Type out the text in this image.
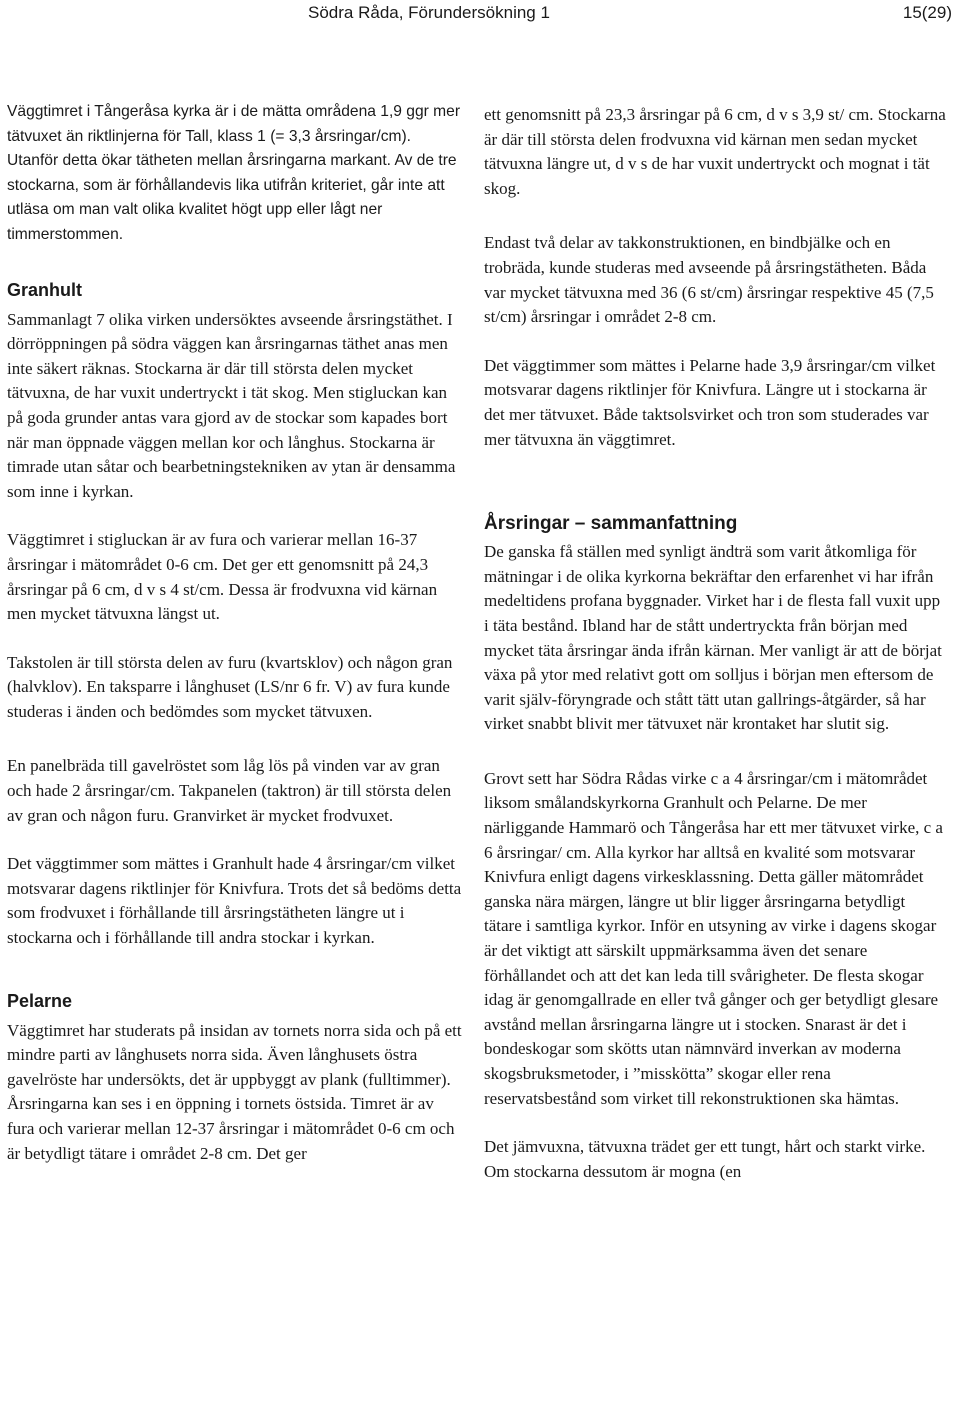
Södra Råda, Förundersökning 1	15(29)

Väggtimret i Tångeråsa kyrka är i de mätta områdena 1,9 ggr mer tätvuxet än riktlinjerna för Tall, klass 1 (= 3,3 årsringar/cm). Utanför detta ökar tätheten mellan årsringarna markant. Av de tre stockarna, som är förhållandevis lika utifrån kriteriet, går inte att utläsa om man valt olika kvalitet högt upp eller lågt ner timmerstommen.

Granhult

Sammanlagt 7 olika virken undersöktes avseende årsringstäthet. I dörröppningen på södra väggen kan årsringarnas täthet anas men inte säkert räknas. Stockarna är där till största delen mycket tätvuxna, de har vuxit undertryckt i tät skog. Men stigluckan kan på goda grunder antas vara gjord av de stockar som kapades bort när man öppnade väggen mellan kor och långhus. Stockarna är timrade utan såtar och bearbetningstekniken av ytan är densamma som inne i kyrkan.

Väggtimret i stigluckan är av fura och varierar mellan 16-37 årsringar i mätområdet 0-6 cm. Det ger ett genomsnitt på 24,3 årsringar på 6 cm, d v s 4 st/cm. Dessa är frodvuxna vid kärnan men mycket tätvuxna längst ut.

Takstolen är till största delen av furu (kvartsklov) och någon gran (halvklov). En taksparre i långhuset (LS/nr 6 fr. V) av fura kunde studeras i änden och bedömdes som mycket tätvuxen.

En panelbräda till gavelröstet som låg lös på vinden var av gran och hade 2 årsringar/cm. Takpanelen (taktron) är till största delen av gran och någon furu. Granvirket är mycket frodvuxet.

Det väggtimmer som mättes i Granhult hade 4 årsringar/cm vilket motsvarar dagens riktlinjer för Knivfura. Trots det så bedöms detta som frodvuxet i förhållande till årsringstätheten längre ut i stockarna och i förhållande till andra stockar i kyrkan.

Pelarne

Väggtimret har studerats på insidan av tornets norra sida och på ett mindre parti av långhusets norra sida. Även långhusets östra gavelröste har undersökts, det är uppbyggt av plank (fulltimmer). Årsringarna kan ses i en öppning i tornets östsida. Timret är av fura och varierar mellan 12-37 årsringar i mätområdet 0-6 cm och är betydligt tätare i området 2-8 cm. Det ger

ett genomsnitt på 23,3 årsringar på 6 cm, d v s 3,9 st/ cm. Stockarna är där till största delen frodvuxna vid kärnan men sedan mycket tätvuxna längre ut, d v s de har vuxit undertryckt och mognat i tät skog.

Endast två delar av takkonstruktionen, en bindbjälke och en trobräda, kunde studeras med avseende på årsringstätheten. Båda var mycket tätvuxna med 36 (6 st/cm) årsringar respektive 45 (7,5 st/cm) årsringar i området 2-8 cm.

Det väggtimmer som mättes i Pelarne hade 3,9 årsringar/cm vilket motsvarar dagens riktlinjer för Knivfura. Längre ut i stockarna är det mer tätvuxet. Både taktsolsvirket och tron som studerades var mer tätvuxna än väggtimret.

Årsringar – sammanfattning

De ganska få ställen med synligt ändträ som varit åtkomliga för mätningar i de olika kyrkorna bekräftar den erfarenhet vi har ifrån medeltidens profana byggnader. Virket har i de flesta fall vuxit upp i täta bestånd. Ibland har de stått undertryckta från början med mycket täta årsringar ända ifrån kärnan. Mer vanligt är att de börjat växa på ytor med relativt gott om solljus i början men eftersom de varit själv-föryngrade och stått tätt utan gallrings-åtgärder, så har virket snabbt blivit mer tätvuxet när krontaket har slutit sig.

Grovt sett har Södra Rådas virke c a 4 årsringar/cm i mätområdet liksom smålandskyrkorna Granhult och Pelarne. De mer närliggande Hammarö och Tångeråsa har ett mer tätvuxet virke, c a 6 årsringar/ cm. Alla kyrkor har alltså en kvalité som motsvarar Knivfura enligt dagens virkesklassning. Detta gäller mätområdet ganska nära märgen, längre ut blir ligger årsringarna betydligt tätare i samtliga kyrkor. Inför en utsyning av virke i dagens skogar är det viktigt att särskilt uppmärksamma även det senare förhållandet och att det kan leda till svårigheter. De flesta skogar idag är genomgallrade en eller två gånger och ger betydligt glesare avstånd mellan årsringarna längre ut i stocken. Snarast är det i bondeskogar som skötts utan nämnvärd inverkan av moderna skogsbruksmetoder, i ”misskötta” skogar eller rena reservatsbestånd som virket till rekonstruktionen ska hämtas.

Det jämvuxna, tätvuxna trädet ger ett tungt, hårt och starkt virke. Om stockarna dessutom är mogna (en
